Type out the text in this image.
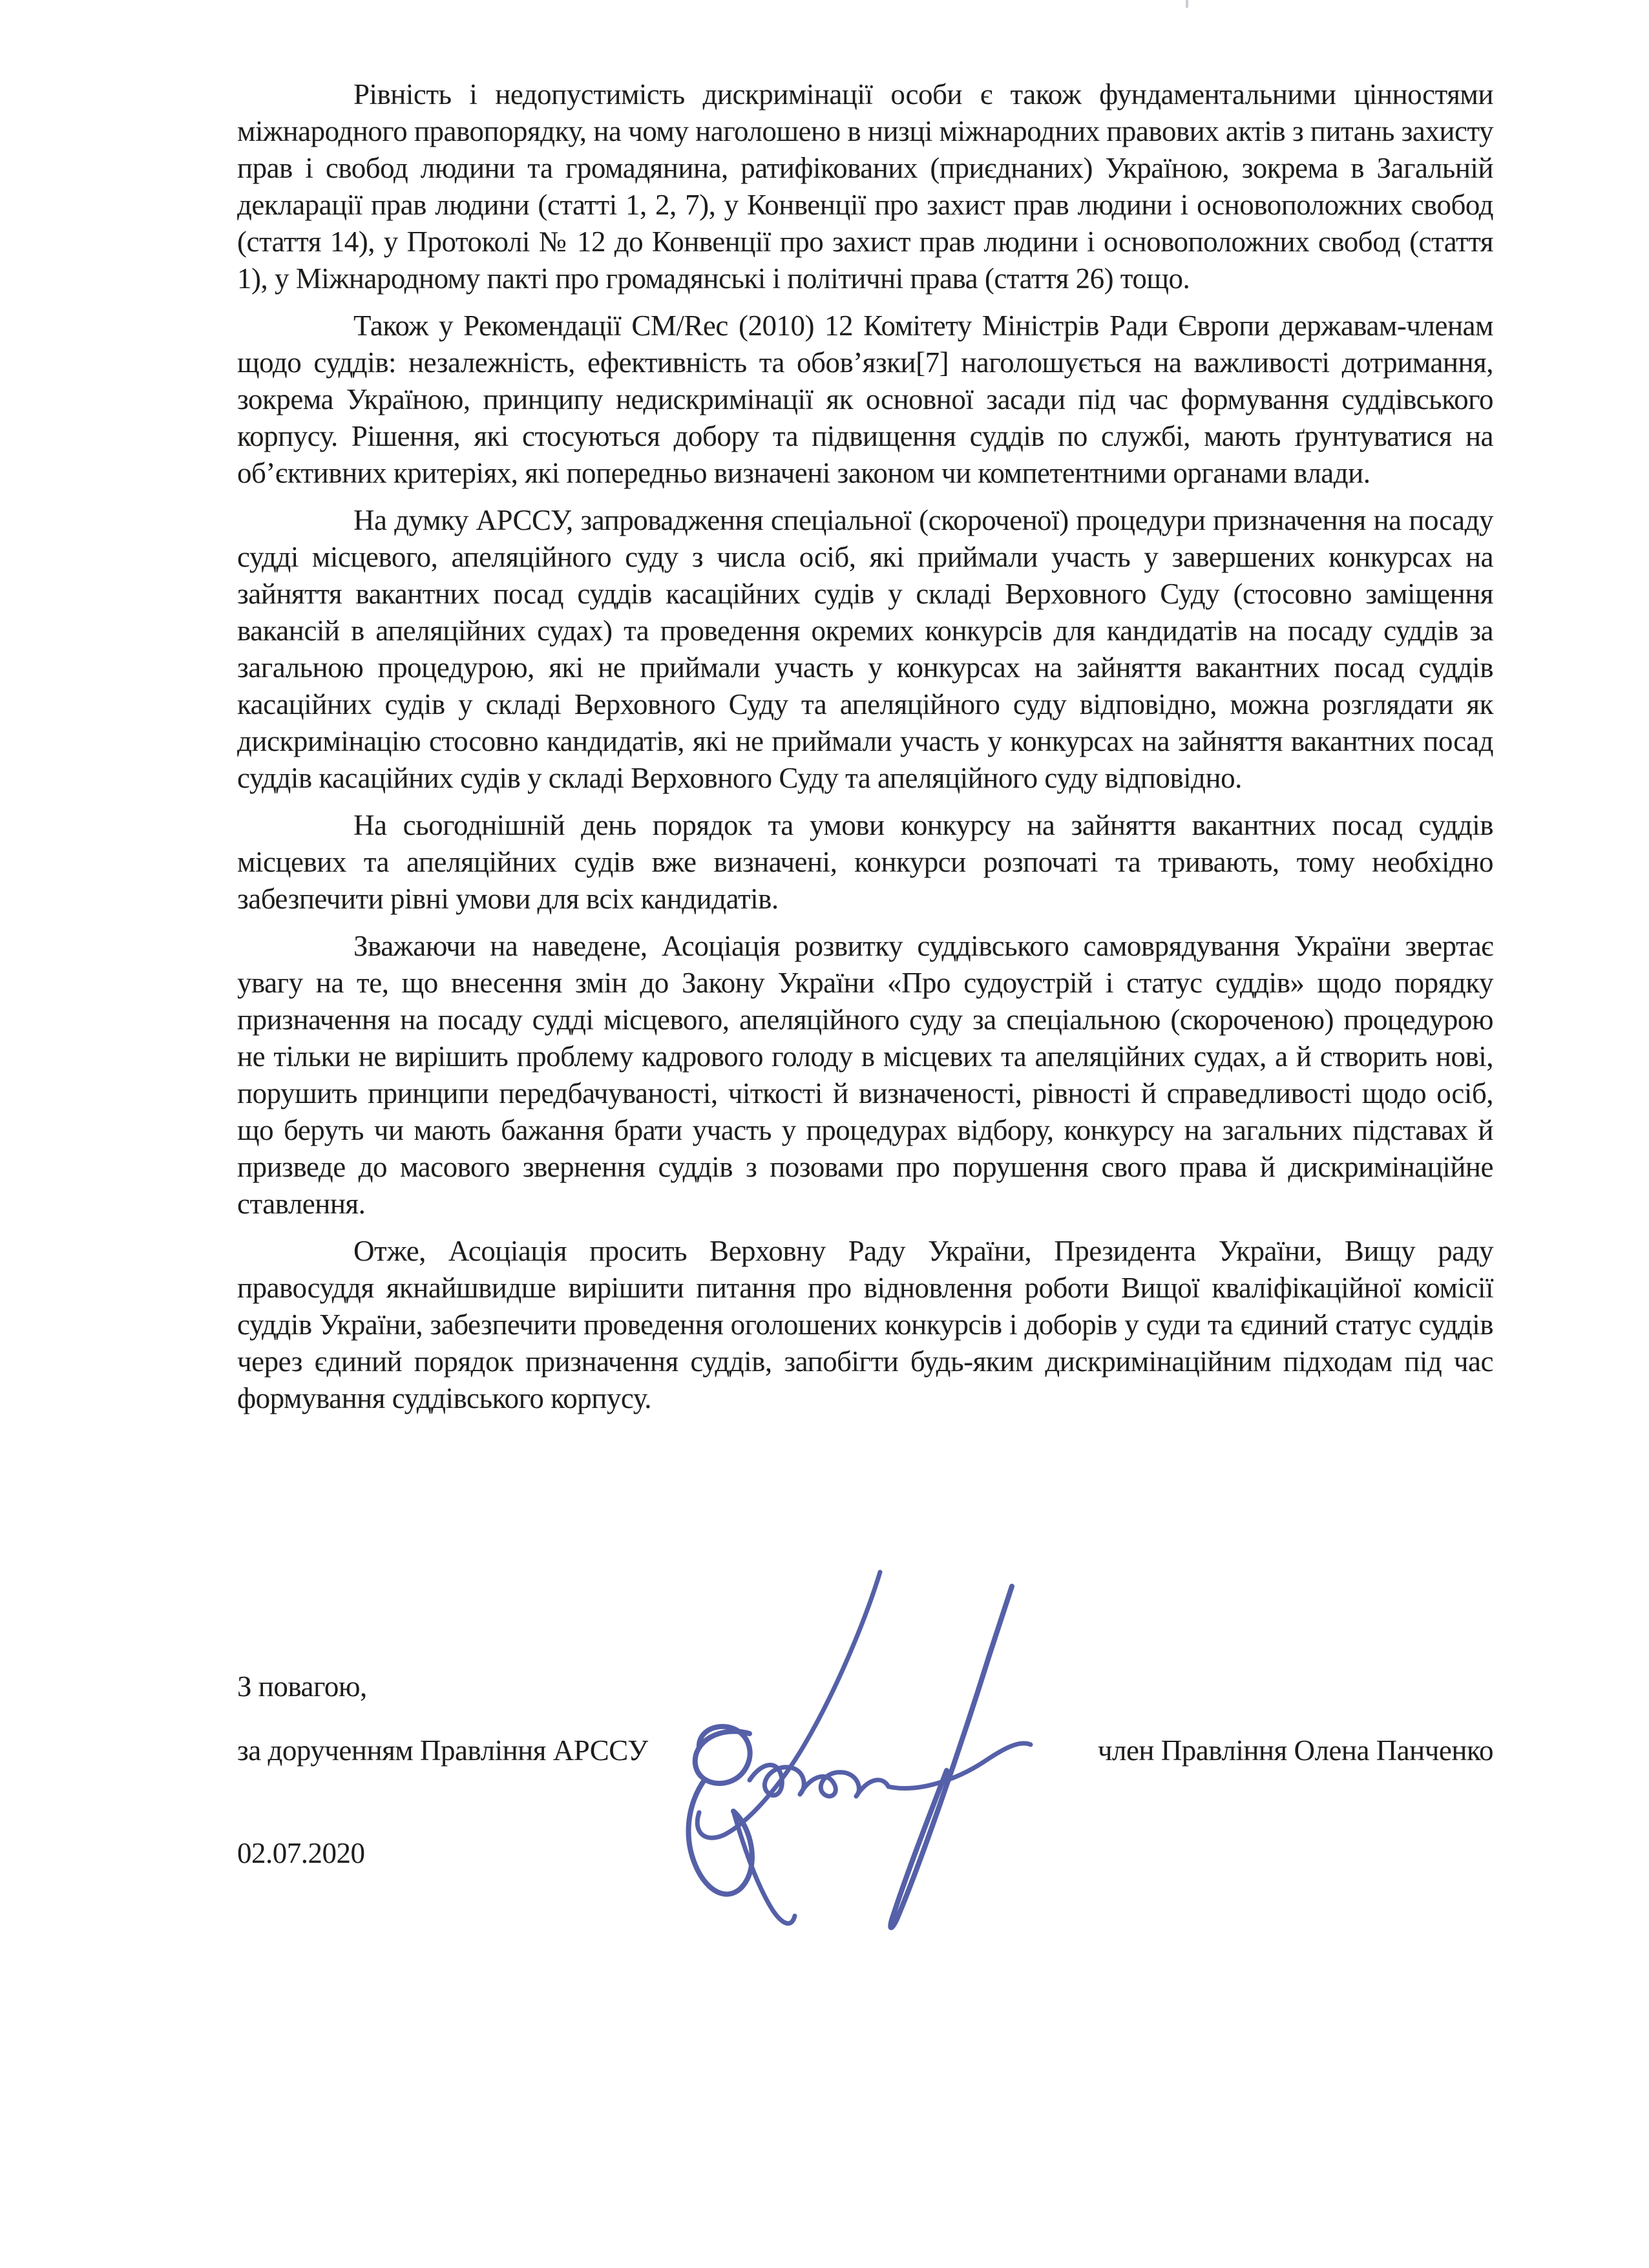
Рівність і недопустимість дискримінації особи є також фундаментальними цінностями міжнародного правопорядку, на чому наголошено в низці міжнародних правових актів з питань захисту прав і свобод людини та громадянина, ратифікованих (приєднаних) Україною, зокрема в Загальній декларації прав людини (статті 1, 2, 7), у Конвенції про захист прав людини і основоположних свобод (стаття 14), у Протоколі № 12 до Конвенції про захист прав людини і основоположних свобод (стаття 1), у Міжнародному пакті про громадянські і політичні права (стаття 26) тощо.

Також у Рекомендації CM/Rec (2010) 12 Комітету Міністрів Ради Європи державам-членам щодо суддів: незалежність, ефективність та обов’язки[7] наголошується на важливості дотримання, зокрема Україною, принципу недискримінації як основної засади під час формування суддівського корпусу. Рішення, які стосуються добору та підвищення суддів по службі, мають ґрунтуватися на об’єктивних критеріях, які попередньо визначені законом чи компетентними органами влади.

На думку АРССУ, запровадження спеціальної (скороченої) процедури призначення на посаду судді місцевого, апеляційного суду з числа осіб, які приймали участь у завершених конкурсах на зайняття вакантних посад суддів касаційних судів у складі Верховного Суду (стосовно заміщення вакансій в апеляційних судах) та проведення окремих конкурсів для кандидатів на посаду суддів за загальною процедурою, які не приймали участь у конкурсах на зайняття вакантних посад суддів касаційних судів у складі Верховного Суду та апеляційного суду відповідно, можна розглядати як дискримінацію стосовно кандидатів, які не приймали участь у конкурсах на зайняття вакантних посад суддів касаційних судів у складі Верховного Суду та апеляційного суду відповідно.

На сьогоднішній день порядок та умови конкурсу на зайняття вакантних посад суддів місцевих та апеляційних судів вже визначені, конкурси розпочаті та тривають, тому необхідно забезпечити рівні умови для всіх кандидатів.

Зважаючи на наведене, Асоціація розвитку суддівського самоврядування України звертає увагу на те, що внесення змін до Закону України «Про судоустрій і статус суддів» щодо порядку призначення на посаду судді місцевого, апеляційного суду за спеціальною (скороченою) процедурою не тільки не вирішить проблему кадрового голоду в місцевих та апеляційних судах, а й створить нові, порушить принципи передбачуваності, чіткості й визначеності, рівності й справедливості щодо осіб, що беруть чи мають бажання брати участь у процедурах відбору, конкурсу на загальних підставах й призведе до масового звернення суддів з позовами про порушення свого права й дискримінаційне ставлення.

Отже, Асоціація просить Верховну Раду України, Президента України, Вищу раду правосуддя якнайшвидше вирішити питання про відновлення роботи Вищої кваліфікаційної комісії суддів України, забезпечити проведення оголошених конкурсів і доборів у суди та єдиний статус суддів через єдиний порядок призначення суддів, запобігти будь-яким дискримінаційним підходам під час формування суддівського корпусу.

З повагою,
за дорученням Правління АРССУ	член Правління Олена Панченко
02.07.2020
